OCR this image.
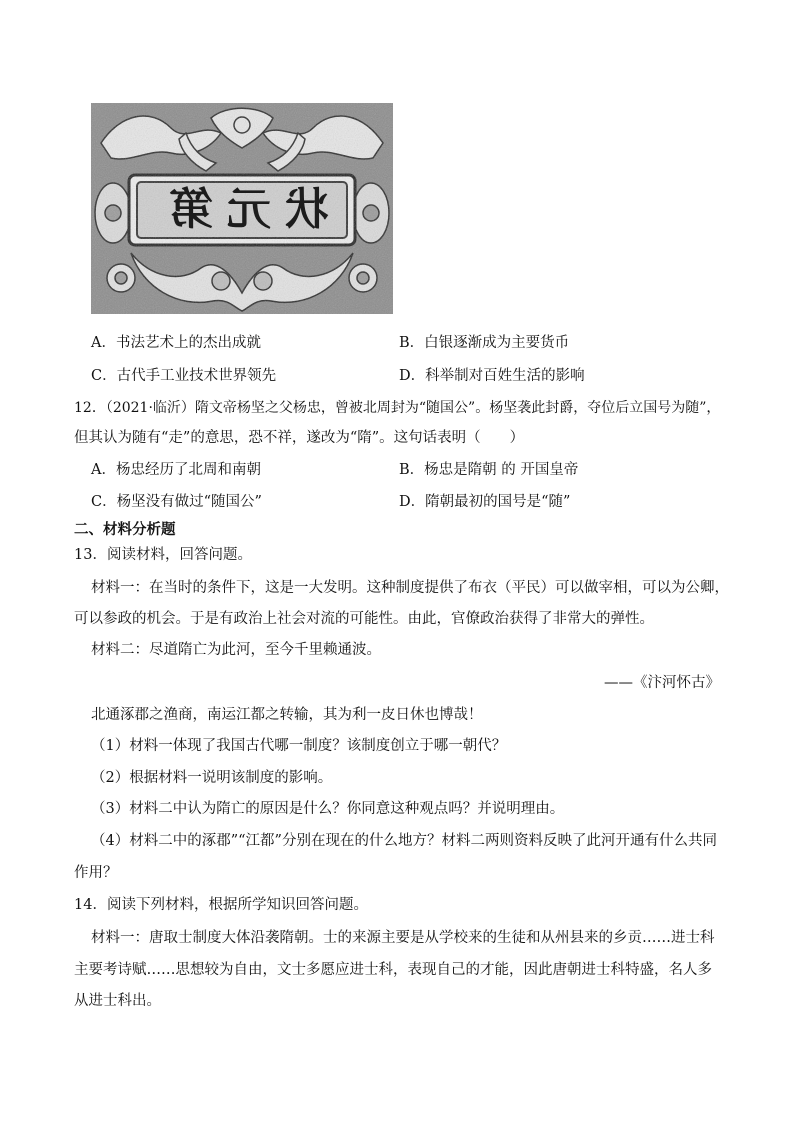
状元第
A．书法艺术上的杰出成就	B．白银逐渐成为主要货币
C．古代手工业技术世界领先	D．科举制对百姓生活的影响
12．（2021·临沂）隋文帝杨坚之父杨忠，曾被北周封为“随国公”。杨坚袭此封爵，夺位后立国号为随”，
但其认为随有“走”的意思，恐不祥，遂改为“隋”。这句话表明（　　）
A．杨忠经历了北周和南朝	B．杨忠是隋朝 的 开国皇帝
C．杨坚没有做过“随国公”	D．隋朝最初的国号是“随”
二、材料分析题
13．阅读材料，回答问题。
材料一：在当时的条件下，这是一大发明。这种制度提供了布衣（平民）可以做宰相，可以为公卿，
可以参政的机会。于是有政治上社会对流的可能性。由此，官僚政治获得了非常大的弹性。
材料二：尽道隋亡为此河，至今千里赖通波。
——《汴河怀古》
北通涿郡之渔商，南运江都之转输，其为利一皮日休也博哉！
（1）材料一体现了我国古代哪一制度？该制度创立于哪一朝代？
（2）根据材料一说明该制度的影响。
（3）材料二中认为隋亡的原因是什么？你同意这种观点吗？并说明理由。
（4）材料二中的涿郡”“江都”分别在现在的什么地方？材料二两则资料反映了此河开通有什么共同
作用？
14．阅读下列材料，根据所学知识回答问题。
材料一：唐取士制度大体沿袭隋朝。士的来源主要是从学校来的生徒和从州县来的乡贡……进士科
主要考诗赋……思想较为自由，文士多愿应进士科，表现自己的才能，因此唐朝进士科特盛，名人多
从进士科出。
